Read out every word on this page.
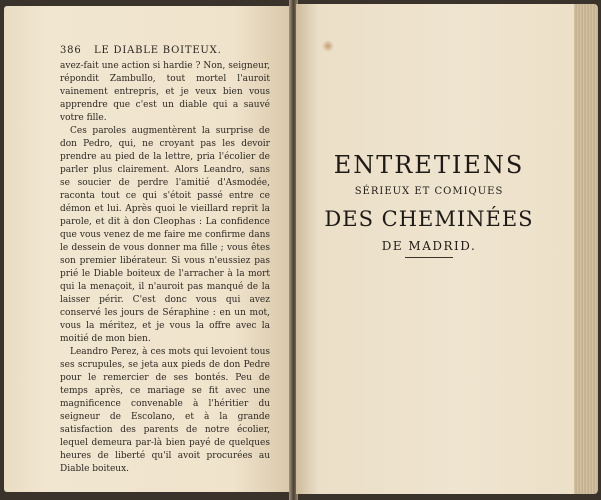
386 LE DIABLE BOITEUX.

avez-fait une action si hardie ? Non, seigneur, répondit Zambullo, tout mortel l'auroit vainement entrepris, et je veux bien vous apprendre que c'est un diable qui a sauvé votre fille.

Ces paroles augmentèrent la surprise de don Pedro, qui, ne croyant pas les devoir prendre au pied de la lettre, pria l'écolier de parler plus clairement. Alors Leandro, sans se soucier de perdre l'amitié d'Asmodée, raconta tout ce qui s'étoit passé entre ce démon et lui. Après quoi le vieillard reprit la parole, et dit à don Cleophas : La confidence que vous venez de me faire me confirme dans le dessein de vous donner ma fille ; vous êtes son premier libérateur. Si vous n'eussiez pas prié le Diable boiteux de l'arracher à la mort qui la menaçoit, il n'auroit pas manqué de la laisser périr. C'est donc vous qui avez conservé les jours de Séraphine : en un mot, vous la méritez, et je vous la offre avec la moitié de mon bien.

Leandro Perez, à ces mots qui levoient tous ses scrupules, se jeta aux pieds de don Pedre pour le remercier de ses bontés. Peu de temps après, ce mariage se fit avec une magnificence convenable à l'héritier du seigneur de Escolano, et à la grande satisfaction des parents de notre écolier, lequel demeura par-là bien payé de quelques heures de liberté qu'il avoit procurées au Diable boiteux.

ENTRETIENS
SÉRIEUX ET COMIQUES
DES CHEMINÉES
DE MADRID.
